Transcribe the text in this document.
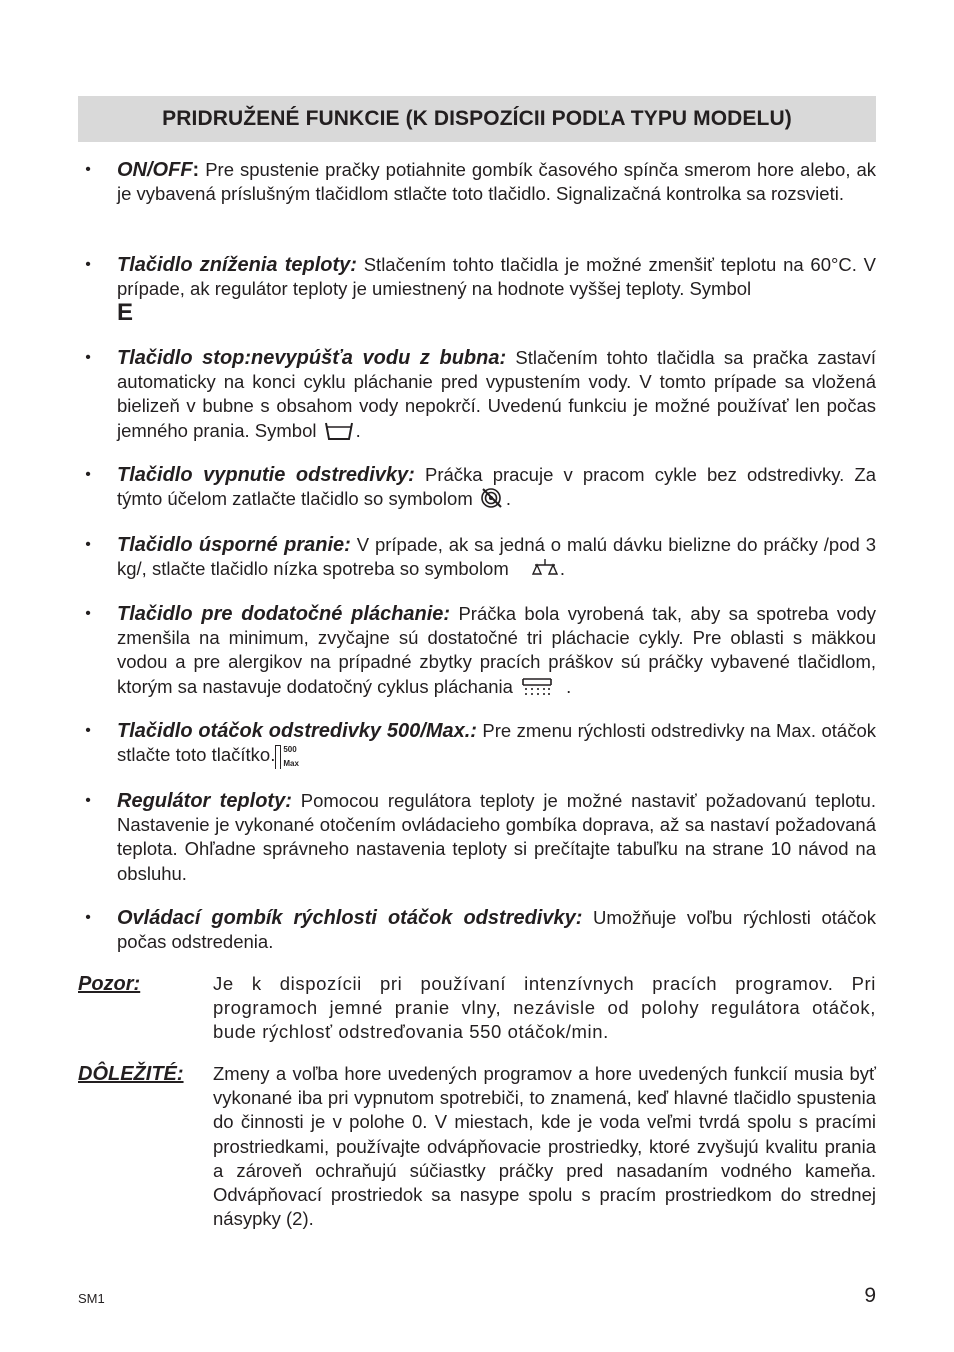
PRIDRUŽENÉ FUNKCIE (K DISPOZÍCII PODĽA TYPU MODELU)
•	ON/OFF: Pre spustenie pračky potiahnite gombík časového spínča smerom hore alebo, ak je vybavená príslušným tlačidlom stlačte toto tlačidlo. Signalizačná kontrolka sa rozsvieti.
•	Tlačidlo zníženia teploty: Stlačením tohto tlačidla je možné zmenšiť teplotu na 60°C. V prípade, ak regulátor teploty je umiestnený na hodnote vyššej teploty. Symbol
E
•	Tlačidlo stop:nevypúšťa vodu z bubna: Stlačením tohto tlačidla sa pračka zastaví automaticky na konci cyklu pláchanie pred vypustením vody. V tomto prípade sa vložená bielizeň v bubne s obsahom vody nepokrčí. Uvedenú funkciu je možné používať len počas jemného prania. Symbol .
•	Tlačidlo vypnutie odstredivky: Práčka pracuje v pracom cykle bez odstredivky. Za týmto účelom zatlačte tlačidlo so symbolom .
•	Tlačidlo úsporné pranie: V prípade, ak sa jedná o malú dávku bielizne do práčky /pod 3 kg/, stlačte tlačidlo nízka spotreba so symbolom	.
•	Tlačidlo pre dodatočné pláchanie: Práčka bola vyrobená tak, aby sa spotreba vody zmenšila na minimum, zvyčajne sú dostatočné tri pláchacie cykly. Pre oblasti s mäkkou vodou a pre alergikov na prípadné zbytky pracích práškov sú práčky vybavené tlačidlom, ktorým sa nastavuje dodatočný cyklus pláchania	.
•	Tlačidlo otáčok odstredivky 500/Max.: Pre zmenu rýchlosti odstredivky na Max. otáčok stlačte toto tlačítko. 500
Max
•	Regulátor teploty: Pomocou regulátora teploty je možné nastaviť požadovanú teplotu. Nastavenie je vykonané otočením ovládacieho gombíka doprava, až sa nastaví požadovaná teplota. Ohľadne správneho nastavenia teploty si prečítajte tabuľku na strane 10 návod na obsluhu.
•	Ovládací gombík rýchlosti otáčok odstredivky: Umožňuje voľbu rýchlosti otáčok počas odstredenia.
Pozor:	Je k dispozícii pri používaní intenzívnych pracích programov. Pri programoch jemné pranie vlny, nezávisle od polohy regulátora otáčok, bude rýchlosť odstreďovania 550 otáčok/min.
DÔLEŽITÉ: Zmeny a voľba hore uvedených programov a hore uvedených funkcií musia byť vykonané iba pri vypnutom spotrebiči, to znamená, keď hlavné tlačidlo spustenia do činnosti je v polohe 0. V miestach, kde je voda veľmi tvrdá spolu s pracími prostriedkami, používajte odvápňovacie prostriedky, ktoré zvyšujú kvalitu prania a zároveň ochraňujú súčiastky práčky pred nasadaním vodného kameňa. Odvápňovací prostriedok sa nasype spolu s pracím prostriedkom do strednej násypky (2).
SM1	9
